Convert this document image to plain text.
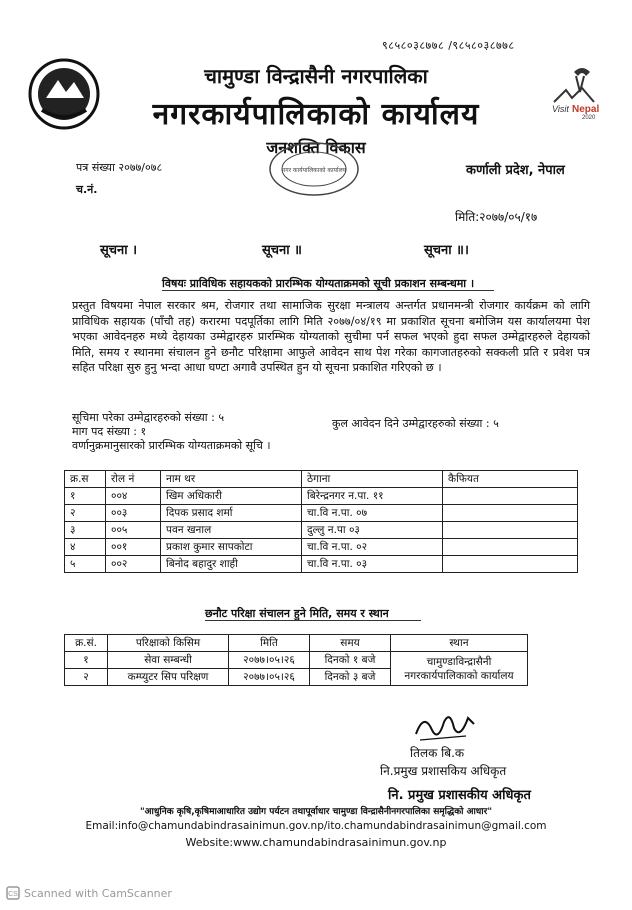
९८५८०३८७७८ /९८५८०३८७७८
Visit Nepal
2020
चामुण्डा विन्द्रासैनी नगरपालिका
नगरकार्यपालिकाको कार्यालय
जनशक्ति विकास
नगर कार्यपालिकाको कार्यालय
पत्र संख्या २०७७/०७८
च.नं.
कर्णाली प्रदेश, नेपाल
मिति:२०७७/०५/१७
सूचना ।	सूचना ॥	सूचना ॥।
विषयः प्राविधिक सहायकको प्रारम्भिक योग्यताक्रमको सूची प्रकाशन सम्बन्धमा ।
प्रस्तुत विषयमा नेपाल सरकार श्रम, रोजगार तथा सामाजिक सुरक्षा मन्त्रालय अन्तर्गत प्रधानमन्त्री रोजगार कार्यक्रम को लागि प्राविधिक सहायक (पाँचौ तह) करारमा पदपूर्तिका लागि मिति २०७७/०४/१९ मा प्रकाशित सूचना बमोजिम यस कार्यालयमा पेश भएका आवेदनहरु मध्ये देहायका उम्मेद्वारहरु प्रारम्भिक योग्यताको सुचीमा पर्न सफल भएको हुदा सफल उम्मेद्वारहरुले देहायको मिति, समय र स्थानमा संचालन हुने छनौट परिक्षामा आफुले आवेदन साथ पेश गरेका कागजातहरुको सक्कली प्रति र प्रवेश पत्र सहित परिक्षा सुरु हुनु भन्दा आधा घण्टा अगावै उपस्थित हुन यो सूचना प्रकाशित गरिएको छ ।
सूचिमा परेका उम्मेद्वारहरुको संख्या : ५	कुल आवेदन दिने उम्मेद्वारहरुको संख्या : ५
माग पद संख्या : १
वर्णानुक्रमानुसारको प्रारम्भिक योग्यताक्रमको सूचि ।
क्र.स	रोल नं	नाम थर	ठेगाना	कैफियत
१	००४	खिम अधिकारी	बिरेन्द्रनगर न.पा. ११	
२	००३	दिपक प्रसाद शर्मा	चा.वि न.पा. ०७	
३	००५	पवन खनाल	दुल्लु न.पा ०३	
४	००१	प्रकाश कुमार सापकोटा	चा.वि न.पा. ०२	
५	००२	बिनोद बहादुर शाही	चा.वि न.पा. ०३	
छनौट परिक्षा संचालन हुने मिति, समय र स्थान
क्र.सं.	परिक्षाको किसिम	मिति	समय	स्थान
१	सेवा सम्बन्धी	२०७७।०५।२६	दिनको १ बजे	चामुण्डाविन्द्रासैनी नगरकार्यपालिकाको कार्यालय
२	कम्प्युटर सिप परिक्षण	२०७७।०५।२६	दिनको ३ बजे	
तिलक बि.क
नि.प्रमुख प्रशासकिय अधिकृत
नि. प्रमुख प्रशासकीय अधिकृत
"आधुनिक कृषि,कृषिमाआधारित उद्योग पर्यटन तथापूर्वाधार चामुण्डा विन्द्रासैनीनगरपालिका समृद्धिको आधार"
Email:info@chamundabindrasainimun.gov.np/ito.chamundabindrasainimun@gmail.com
Website:www.chamundabindrasainimun.gov.np
CS Scanned with CamScanner
